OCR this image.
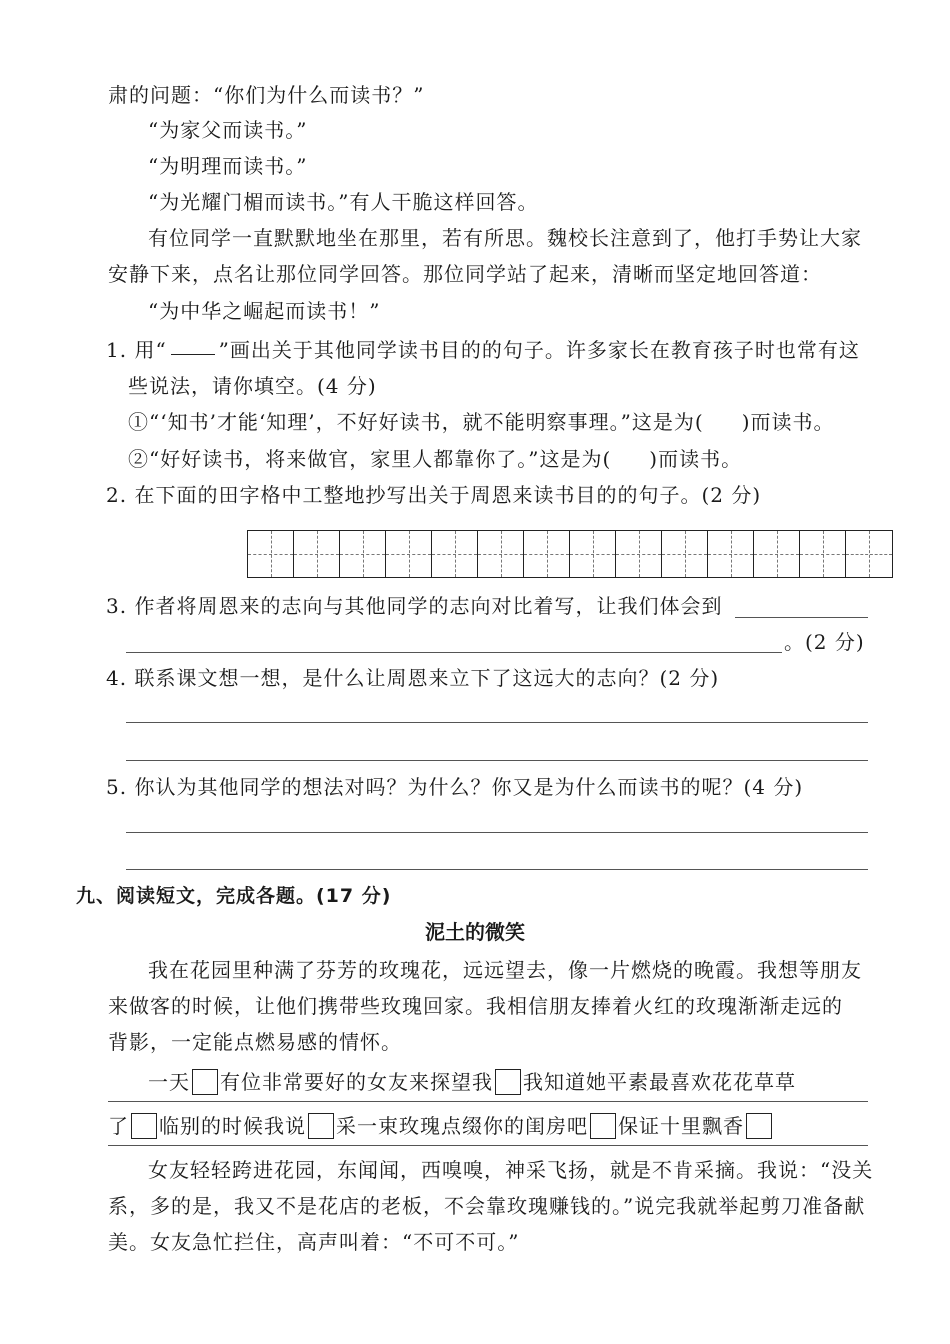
肃的问题：“你们为什么而读书？”
“为家父而读书。”
“为明理而读书。”
“为光耀门楣而读书。”有人干脆这样回答。
有位同学一直默默地坐在那里，若有所思。魏校长注意到了，他打手势让大家
安静下来，点名让那位同学回答。那位同学站了起来，清晰而坚定地回答道：
“为中华之崛起而读书！”
1. 用“	”画出关于其他同学读书目的的句子。许多家长在教育孩子时也常有这
些说法，请你填空。(4 分)
①“‘知书’才能‘知理’，不好好读书，就不能明察事理。”这是为( )而读书。
②“好好读书，将来做官，家里人都靠你了。”这是为( )而读书。
2. 在下面的田字格中工整地抄写出关于周恩来读书目的的句子。(2 分)
3. 作者将周恩来的志向与其他同学的志向对比着写，让我们体会到
。(2 分)
4. 联系课文想一想，是什么让周恩来立下了这远大的志向？(2 分)
5. 你认为其他同学的想法对吗？为什么？你又是为什么而读书的呢？(4 分)
九、阅读短文，完成各题。(17 分)
泥土的微笑
我在花园里种满了芬芳的玫瑰花，远远望去，像一片燃烧的晚霞。我想等朋友
来做客的时候，让他们携带些玫瑰回家。我相信朋友捧着火红的玫瑰渐渐走远的
背影，一定能点燃易感的情怀。
一天 有位非常要好的女友来探望我 我知道她平素最喜欢花花草草
了 临别的时候我说 采一束玫瑰点缀你的闺房吧 保证十里飘香
女友轻轻跨进花园，东闻闻，西嗅嗅，神采飞扬，就是不肯采摘。我说：“没关
系，多的是，我又不是花店的老板，不会靠玫瑰赚钱的。”说完我就举起剪刀准备献
美。女友急忙拦住，高声叫着：“不可不可。”
